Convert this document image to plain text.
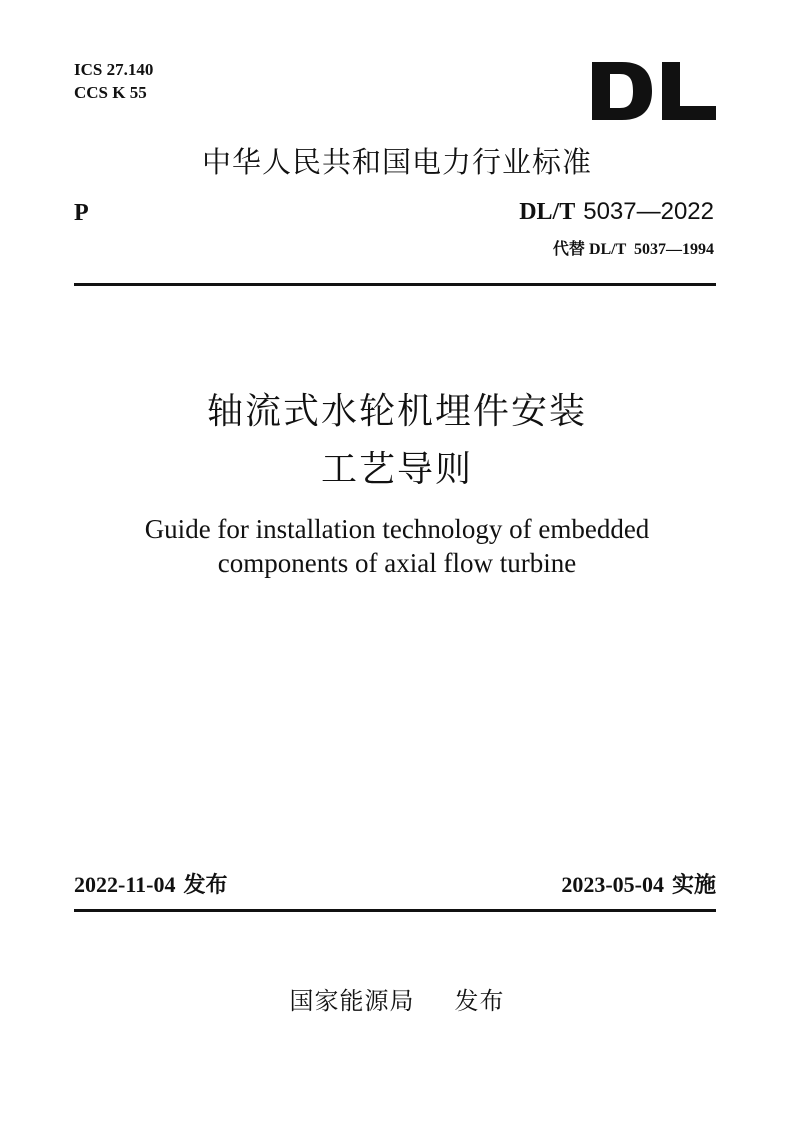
ICS 27.140
CCS K 55
中华人民共和国电力行业标准
P	DL/T 5037—2022
代替 DL/T  5037—1994
轴流式水轮机埋件安装
工艺导则
Guide for installation technology of embedded
components of axial flow turbine
2022-11-04 发布	2023-05-04 实施
国家能源局 发布
